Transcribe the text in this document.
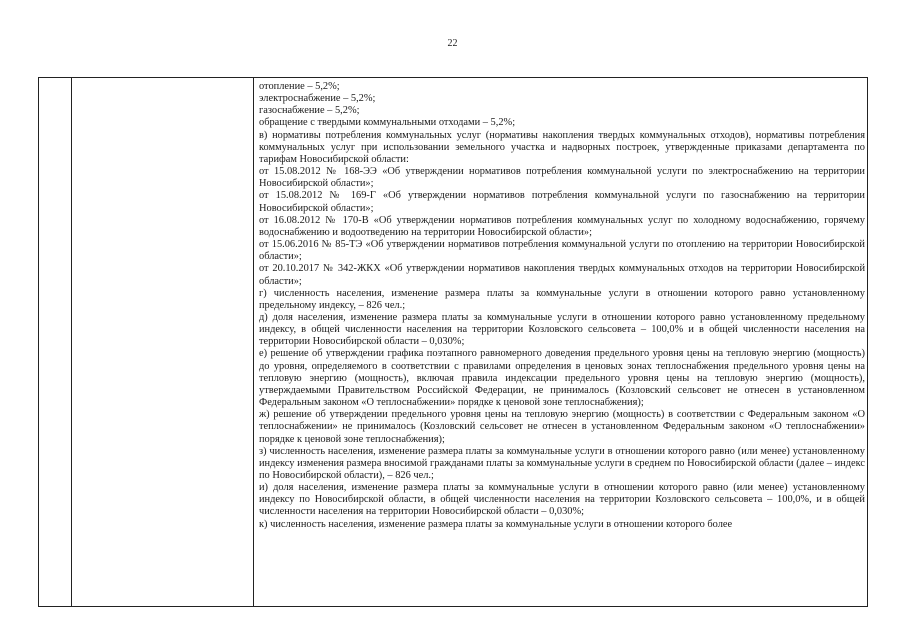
22

отопление – 5,2%;

электроснабжение – 5,2%;

газоснабжение – 5,2%;

обращение с твердыми коммунальными отходами – 5,2%;

в) нормативы потребления коммунальных услуг (нормативы накопления твердых коммунальных отходов), нормативы потребления коммунальных услуг при использовании земельного участка и надворных построек, утвержденные приказами департамента по тарифам Новосибирской области:

от 15.08.2012 № 168-ЭЭ «Об утверждении нормативов потребления коммунальной услуги по электроснабжению на территории Новосибирской области»;

от 15.08.2012 № 169-Г «Об утверждении нормативов потребления коммунальной услуги по газоснабжению на территории Новосибирской области»;

от 16.08.2012 № 170-В «Об утверждении нормативов потребления коммунальных услуг по холодному водоснабжению, горячему водоснабжению и водоотведению на территории Новосибирской области»;

от 15.06.2016 № 85-ТЭ «Об утверждении нормативов потребления коммунальной услуги по отоплению на территории Новосибирской области»;

от 20.10.2017 № 342-ЖКХ «Об утверждении нормативов накопления твердых коммунальных отходов на территории Новосибирской области»;

г) численность населения, изменение размера платы за коммунальные услуги в отношении которого равно установленному предельному индексу, – 826 чел.;

д) доля населения, изменение размера платы за коммунальные услуги в отношении которого равно установленному предельному индексу, в общей численности населения на территории Козловского сельсовета – 100,0% и в общей численности населения на территории Новосибирской области – 0,030%;

е) решение об утверждении графика поэтапного равномерного доведения предельного уровня цены на тепловую энергию (мощность) до уровня, определяемого в соответствии с правилами определения в ценовых зонах теплоснабжения предельного уровня цены на тепловую энергию (мощность), включая правила индексации предельного уровня цены на тепловую энергию (мощность), утверждаемыми Правительством Российской Федерации, не принималось (Козловский сельсовет не отнесен в установленном Федеральным законом «О теплоснабжении» порядке к ценовой зоне теплоснабжения);

ж) решение об утверждении предельного уровня цены на тепловую энергию (мощность) в соответствии с Федеральным законом «О теплоснабжении» не принималось (Козловский сельсовет не отнесен в установленном Федеральным законом «О теплоснабжении» порядке к ценовой зоне теплоснабжения);

з) численность населения, изменение размера платы за коммунальные услуги в отношении которого равно (или менее) установленному индексу изменения размера вносимой гражданами платы за коммунальные услуги в среднем по Новосибирской области (далее – индекс по Новосибирской области), – 826 чел.;

и) доля населения, изменение размера платы за коммунальные услуги в отношении которого равно (или менее) установленному индексу по Новосибирской области, в общей численности населения на территории Козловского сельсовета – 100,0%, и в общей численности населения на территории Новосибирской области – 0,030%;

к) численность населения, изменение размера платы за коммунальные услуги в отношении которого более
